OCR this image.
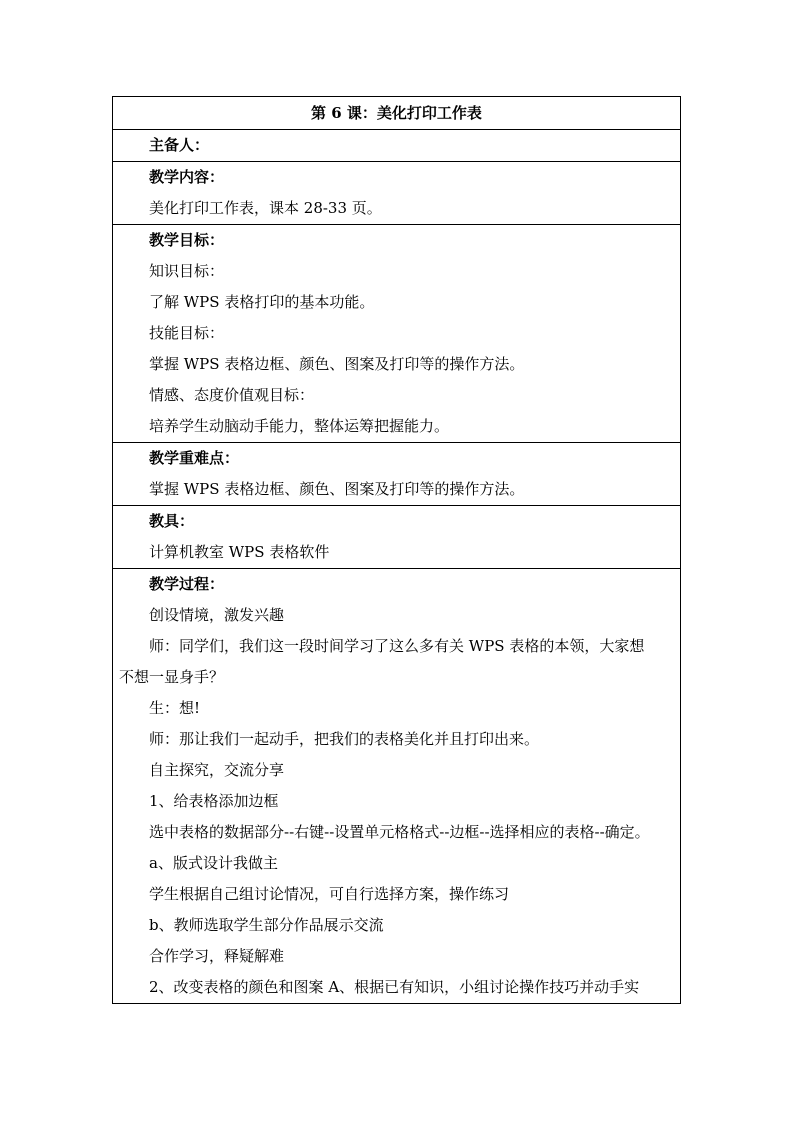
第 6 课：美化打印工作表
主备人：
教学内容：
美化打印工作表，课本 28-33 页。
教学目标：
知识目标：
了解 WPS 表格打印的基本功能。
技能目标：
掌握 WPS 表格边框、颜色、图案及打印等的操作方法。
情感、态度价值观目标：
培养学生动脑动手能力，整体运筹把握能力。
教学重难点：
掌握 WPS 表格边框、颜色、图案及打印等的操作方法。
教具：
计算机教室 WPS 表格软件
教学过程：
创设情境，激发兴趣
师：同学们，我们这一段时间学习了这么多有关 WPS 表格的本领，大家想
不想一显身手？
生：想!
师：那让我们一起动手，把我们的表格美化并且打印出来。
自主探究，交流分享
1、给表格添加边框
选中表格的数据部分--右键--设置单元格格式--边框--选择相应的表格--确定。
a、版式设计我做主
学生根据自己组讨论情况，可自行选择方案，操作练习
b、教师选取学生部分作品展示交流
合作学习，释疑解难
2、改变表格的颜色和图案 A、根据已有知识，小组讨论操作技巧并动手实
